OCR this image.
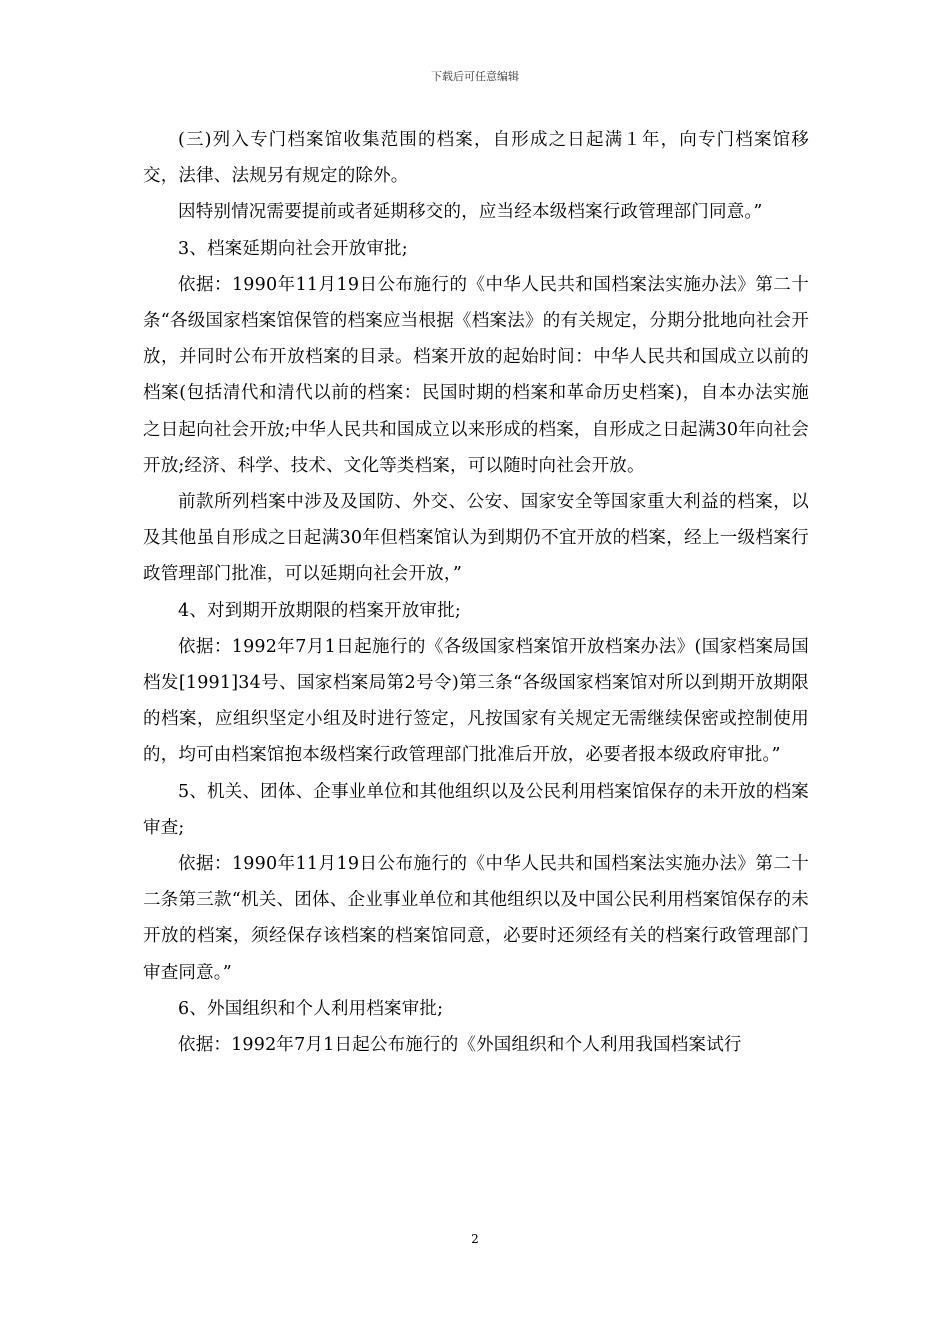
下载后可任意编辑

(三)列入专门档案馆收集范围的档案，自形成之日起满１年，向专门档案馆移交，法律、法规另有规定的除外。

因特别情况需要提前或者延期移交的，应当经本级档案行政管理部门同意。”

3、档案延期向社会开放审批;

依据：1990年11月19日公布施行的《中华人民共和国档案法实施办法》第二十条“各级国家档案馆保管的档案应当根据《档案法》的有关规定，分期分批地向社会开放，并同时公布开放档案的目录。档案开放的起始时间：中华人民共和国成立以前的档案(包括清代和清代以前的档案：民国时期的档案和革命历史档案)，自本办法实施之日起向社会开放;中华人民共和国成立以来形成的档案，自形成之日起满30年向社会开放;经济、科学、技术、文化等类档案，可以随时向社会开放。

前款所列档案中涉及及国防、外交、公安、国家安全等国家重大利益的档案，以及其他虽自形成之日起满30年但档案馆认为到期仍不宜开放的档案，经上一级档案行政管理部门批准，可以延期向社会开放，”

4、对到期开放期限的档案开放审批;

依据：1992年7月1日起施行的《各级国家档案馆开放档案办法》(国家档案局国档发[1991]34号、国家档案局第2号令)第三条“各级国家档案馆对所以到期开放期限的档案，应组织坚定小组及时进行签定，凡按国家有关规定无需继续保密或控制使用的，均可由档案馆抱本级档案行政管理部门批准后开放，必要者报本级政府审批。”

5、机关、团体、企事业单位和其他组织以及公民利用档案馆保存的未开放的档案审查;

依据：1990年11月19日公布施行的《中华人民共和国档案法实施办法》第二十二条第三款“机关、团体、企业事业单位和其他组织以及中国公民利用档案馆保存的未开放的档案，须经保存该档案的档案馆同意，必要时还须经有关的档案行政管理部门审查同意。”

6、外国组织和个人利用档案审批;

依据：1992年7月1日起公布施行的《外国组织和个人利用我国档案试行

2
